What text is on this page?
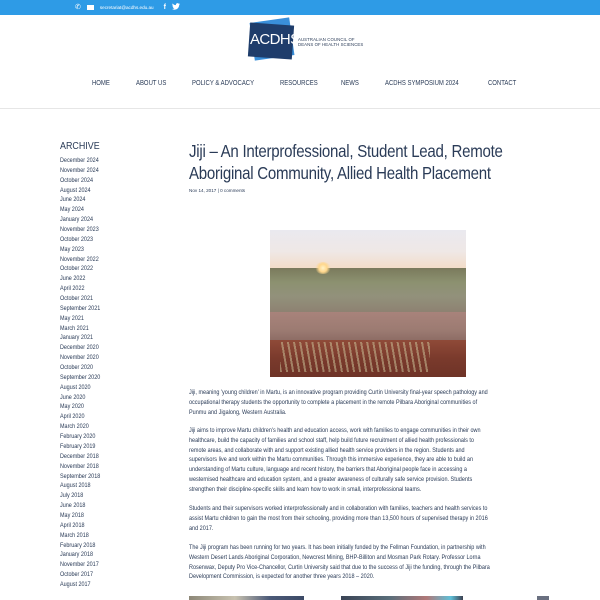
✆	secretariat@acdhs.edu.au f
ACDHS
AUSTRALIAN COUNCIL OF
DEANS OF HEALTH SCIENCES
HOME	ABOUT US	POLICY & ADVOCACY	RESOURCES	NEWS	ACDHS SYMPOSIUM 2024	CONTACT
ARCHIVE
December 2024
November 2024
October 2024
August 2024
June 2024
May 2024
January 2024
November 2023
October 2023
May 2023
November 2022
October 2022
June 2022
April 2022
October 2021
September 2021
May 2021
March 2021
January 2021
December 2020
November 2020
October 2020
September 2020
August 2020
June 2020
May 2020
April 2020
March 2020
February 2020
February 2019
December 2018
November 2018
September 2018
August 2018
July 2018
June 2018
May 2018
April 2018
March 2018
February 2018
January 2018
November 2017
October 2017
August 2017
Jiji – An Interprofessional, Student Lead, Remote
Aboriginal Community, Allied Health Placement
Nov 14, 2017 | 0 comments
Jiji, meaning 'young children' in Martu, is an innovative program providing Curtin University final-year speech pathology and
occupational therapy students the opportunity to complete a placement in the remote Pilbara Aboriginal communities of
Punmu and Jigalong, Western Australia.
Jiji aims to improve Martu children's health and education access, work with families to engage communities in their own
healthcare, build the capacity of families and school staff, help build future recruitment of allied health professionals to
remote areas, and collaborate with and support existing allied health service providers in the region. Students and
supervisors live and work within the Martu communities. Through this immersive experience, they are able to build an
understanding of Martu culture, language and recent history, the barriers that Aboriginal people face in accessing a
westernised healthcare and education system, and a greater awareness of culturally safe service provision. Students
strengthen their discipline-specific skills and learn how to work in small, interprofessional teams.
Students and their supervisors worked interprofessionally and in collaboration with families, teachers and health services to
assist Martu children to gain the most from their schooling, providing more than 13,500 hours of supervised therapy in 2016
and 2017.
The Jiji program has been running for two years. It has been initially funded by the Fellman Foundation, in partnership with
Western Desert Lands Aboriginal Corporation, Newcrest Mining, BHP-Billiton and Mosman Park Rotary. Professor Lorna
Rosenwax, Deputy Pro Vice-Chancellor, Curtin University said that due to the success of Jiji the funding, through the Pilbara
Development Commission, is expected for another three years 2018 – 2020.
